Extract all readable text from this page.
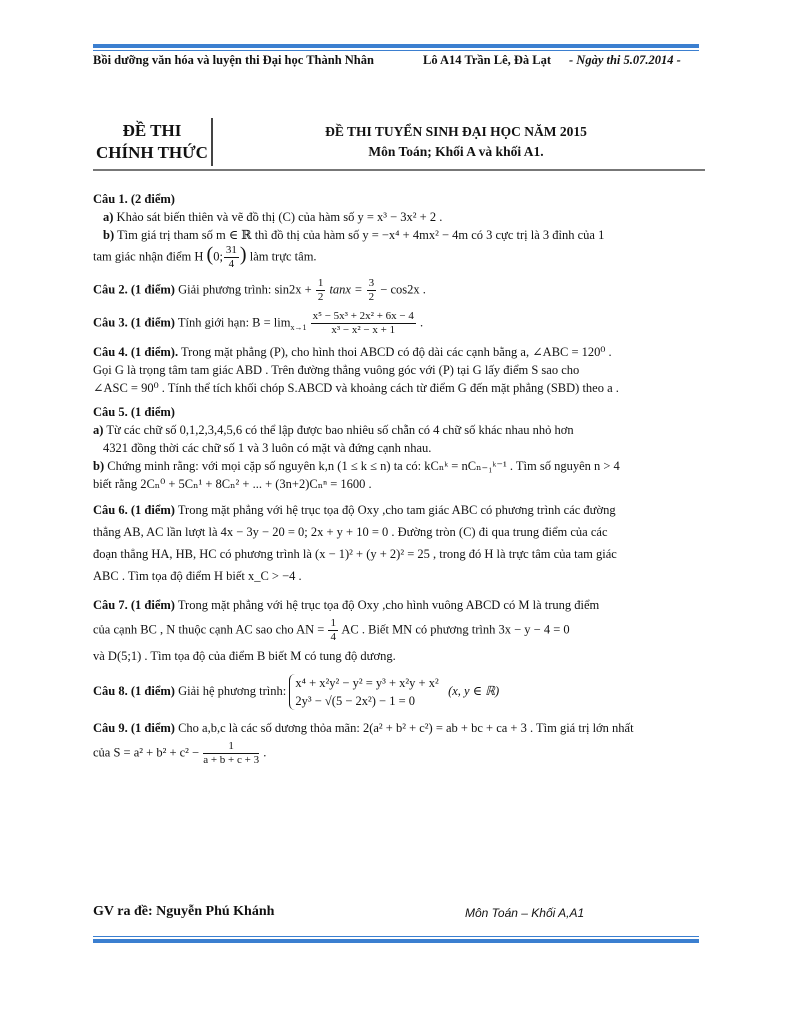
Bồi dưỡng văn hóa và luyện thi Đại học Thành Nhân	Lô A14 Trần Lê, Đà Lạt - Ngày thi 5.07.2014 -
ĐỀ THI
CHÍNH THỨC
ĐỀ THI TUYỂN SINH ĐẠI HỌC NĂM 2015
Môn Toán; Khối A và khối A1.

Câu 1. (2 điểm)
a) Khảo sát biến thiên và vẽ đồ thị (C) của hàm số y = x³ − 3x² + 2 .
b) Tìm giá trị tham số m ∈ ℝ thì đồ thị của hàm số y = −x⁴ + 4mx² − 4m có 3 cực trị là 3 đỉnh của 1
tam giác nhận điểm H (0; $\frac{31}{4}$ ) làm trực tâm.

Câu 2. (1 điểm) Giải phương trình: $\sin 2x + \frac{1}{2}$ $\tan x = \frac{3}{2} - \cos 2x$ .

Câu 3. (1 điểm) Tính giới hạn: $B = \lim_{x\to 1} \frac{\text{x⁵ − 5x³ + 2x² + 6x − 4}}{\text{x³ − x² − x + 1}}$ .

Câu 4. (1 điểm). Trong mặt phẳng (P), cho hình thoi ABCD có độ dài các cạnh bằng a, ∠ABC = 120⁰ .
Gọi G là trọng tâm tam giác ABD . Trên đường thẳng vuông góc với (P) tại G lấy điểm S sao cho
∠ASC = 90⁰ . Tính thể tích khối chóp S.ABCD và khoảng cách từ điểm G đến mặt phẳng (SBD) theo a .

Câu 5. (1 điểm)
a) Từ các chữ số 0,1,2,3,4,5,6 có thể lập được bao nhiêu số chẵn có 4 chữ số khác nhau nhỏ hơn
4321 đồng thời các chữ số 1 và 3 luôn có mặt và đứng cạnh nhau.
b) Chứng minh rằng: với mọi cặp số nguyên k,n (1 ≤ k ≤ n) ta có: kCₙᵏ = nCₙ₋₁ᵏ⁻¹ . Tìm số nguyên n > 4
biết rằng 2Cₙ⁰ + 5Cₙ¹ + 8Cₙ² + ... + (3n+2)Cₙⁿ = 1600 .

Câu 6. (1 điểm) Trong mặt phẳng với hệ trục tọa độ Oxy ,cho tam giác ABC có phương trình các đường
thẳng AB, AC lần lượt là 4x − 3y − 20 = 0; 2x + y + 10 = 0 . Đường tròn (C) đi qua trung điểm của các
đoạn thẳng HA, HB, HC có phương trình là (x − 1)² + (y + 2)² = 25 , trong đó H là trực tâm của tam giác
ABC . Tìm tọa độ điểm H biết x_C > −4 .

Câu 7. (1 điểm) Trong mặt phẳng với hệ trục tọa độ Oxy ,cho hình vuông ABCD có M là trung điểm
của cạnh BC , N thuộc cạnh AC sao cho AN = $\frac{1}{4}$ AC . Biết MN có phương trình 3x − y − 4 = 0
và D(5;1) . Tìm tọa độ của điểm B biết M có tung độ dương.

Câu 8. (1 điểm) Giải hệ phương trình: x⁴ + x²y² − y² = y³ + x²y + x²
2y³ − √(5 − 2x²) − 1 = 0   (x, y ∈ ℝ)

Câu 9. (1 điểm) Cho a,b,c là các số dương thỏa mãn: 2(a² + b² + c²) = ab + bc + ca + 3 . Tìm giá trị lớn nhất
của $S = a^2 + b^2 + c^2 - \frac{1}{a + b + c + 3}$ .

GV ra đề: Nguyễn Phú Khánh	Môn Toán – Khối A,A1
